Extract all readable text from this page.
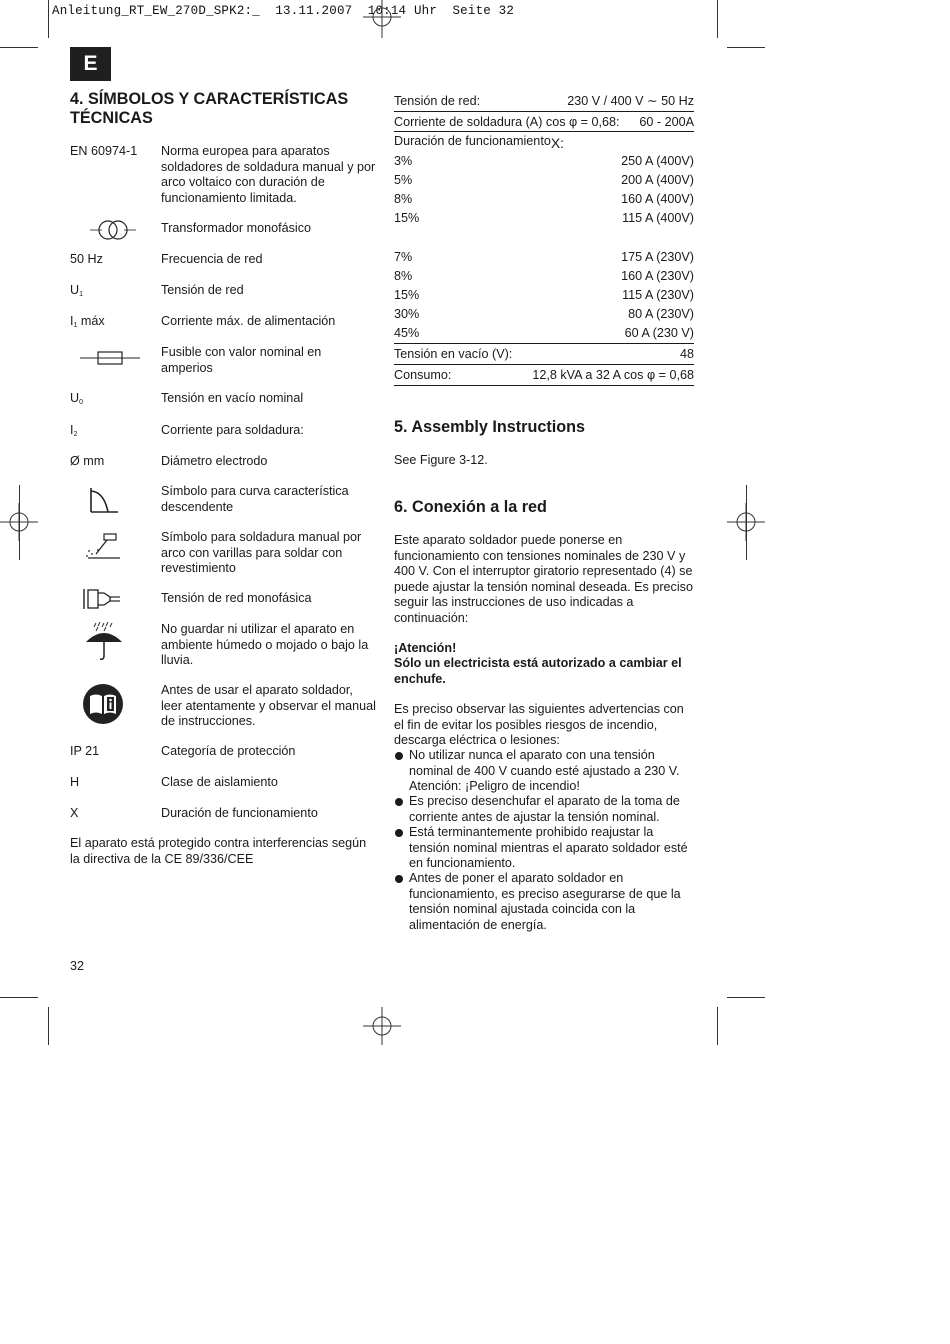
Anleitung_RT_EW_270D_SPK2:_  13.11.2007  10:14 Uhr  Seite 32
E
4. SÍMBOLOS Y CARACTERÍSTICAS
TÉCNICAS
EN 60974-1	Norma europea para aparatos soldadores de soldadura manual y por arco voltaico con duración de funcionamiento limitada.
Transformador monofásico
50 Hz	Frecuencia de red
$U_1$	Tensión de red
$I_1$ máx	Corriente máx. de alimentación
Fusible con valor nominal en amperios
$U_0$	Tensión en vacío nominal
$I_2$	Corriente para soldadura:
Ø mm	Diámetro electrodo
Símbolo para curva característica descendente
Símbolo para soldadura manual por arco con varillas para soldar con revestimiento
Tensión de red monofásica
No guardar ni utilizar el aparato en ambiente húmedo o mojado o bajo la lluvia.
Antes de usar el aparato soldador, leer atentamente y observar el manual de instrucciones.
IP 21	Categoría de protección
H	Clase de aislamiento
X	Duración de funcionamiento
El aparato está protegido contra interferencias según la directiva de la CE 89/336/CEE
32
Tensión de red:	230 V / 400 V ∼ 50 Hz
Corriente de soldadura (A) cos φ = 0,68: 60 - 200A
Duración de funcionamiento X:
3%	250 A (400V)
5%	200 A (400V)
8%	160 A (400V)
15%	115 A (400V)
7%	175 A (230V)
8%	160 A (230V)
15%	115 A (230V)
30%	80 A (230V)
45%	60 A (230 V)
Tensión en vacío (V):	48
Consumo:	12,8 kVA a 32 A cos φ = 0,68
5. Assembly Instructions

See Figure 3-12.

6. Conexión a la red

Este aparato soldador puede ponerse en funcionamiento con tensiones nominales de 230 V y 400 V. Con el interruptor giratorio representado (4) se puede ajustar la tensión nominal deseada. Es preciso seguir las instrucciones de uso indicadas a continuación:

¡Atención!

Sólo un electricista está autorizado a cambiar el enchufe.

Es preciso observar las siguientes advertencias con el fin de evitar los posibles riesgos de incendio, descarga eléctrica o lesiones:

No utilizar nunca el aparato con una tensión nominal de 400 V cuando esté ajustado a 230 V. Atención: ¡Peligro de incendio!
Es preciso desenchufar el aparato de la toma de corriente antes de ajustar la tensión nominal.
Está terminantemente prohibido reajustar la tensión nominal mientras el aparato soldador esté en funcionamiento.
Antes de poner el aparato soldador en funcionamiento, es preciso asegurarse de que la tensión nominal ajustada coincida con la alimentación de energía.
